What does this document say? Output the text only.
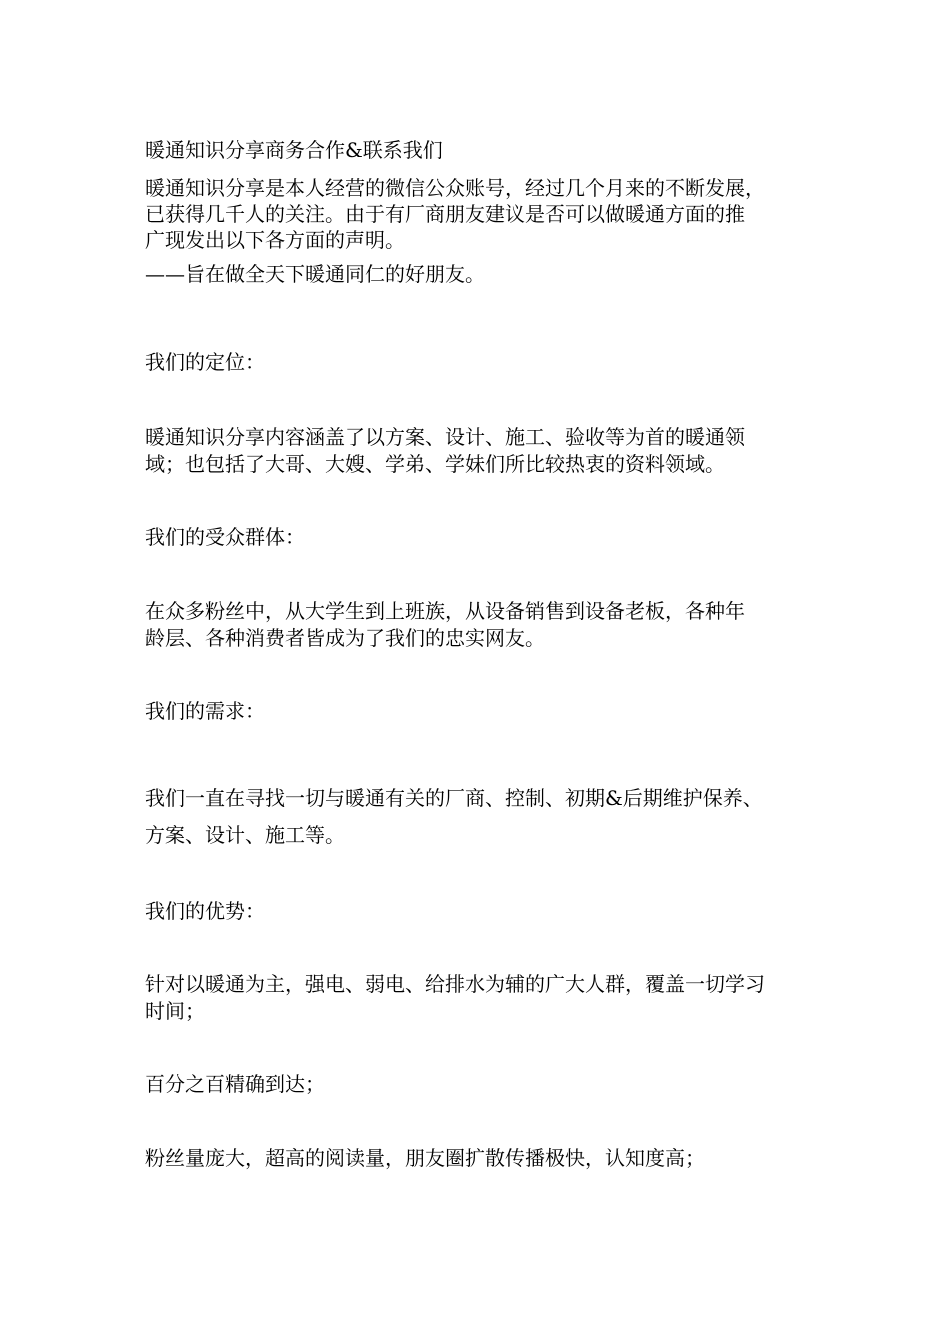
暖通知识分享商务合作&联系我们

暖通知识分享是本人经营的微信公众账号，经过几个月来的不断发展，

已获得几千人的关注。由于有厂商朋友建议是否可以做暖通方面的推

广现发出以下各方面的声明。

——旨在做全天下暖通同仁的好朋友。

我们的定位：

暖通知识分享内容涵盖了以方案、设计、施工、验收等为首的暖通领

域；也包括了大哥、大嫂、学弟、学妹们所比较热衷的资料领域。

我们的受众群体：

在众多粉丝中，从大学生到上班族，从设备销售到设备老板，各种年

龄层、各种消费者皆成为了我们的忠实网友。

我们的需求：

我们一直在寻找一切与暖通有关的厂商、控制、初期&后期维护保养、

方案、设计、施工等。

我们的优势：

针对以暖通为主，强电、弱电、给排水为辅的广大人群，覆盖一切学习

时间；

百分之百精确到达；

粉丝量庞大，超高的阅读量，朋友圈扩散传播极快，认知度高；
